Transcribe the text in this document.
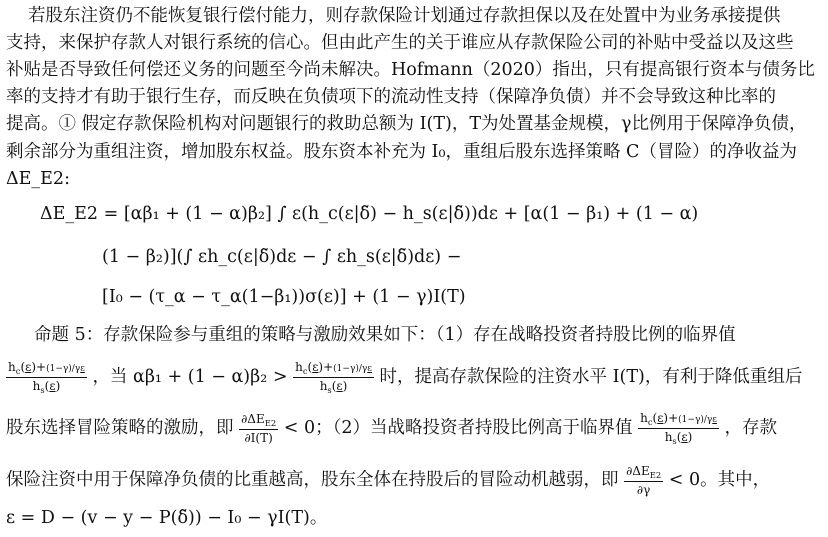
若股东注资仍不能恢复银行偿付能力，则存款保险计划通过存款担保以及在处置中为业务承接提供
支持，来保护存款人对银行系统的信心。但由此产生的关于谁应从存款保险公司的补贴中受益以及这些
补贴是否导致任何偿还义务的问题至今尚未解决。Hofmann（2020）指出，只有提高银行资本与债务比
率的支持才有助于银行生存，而反映在负债项下的流动性支持（保障净负债）并不会导致这种比率的
提高。① 假定存款保险机构对问题银行的救助总额为 I(T)，T为处置基金规模，γ比例用于保障净负债，
剩余部分为重组注资，增加股东权益。股东资本补充为 I₀，重组后股东选择策略 C（冒险）的净收益为
ΔE_E2:
ΔE_E2 = [αβ₁ + (1 − α)β₂] ∫ ε(h_c(ε|δ̃) − h_s(ε|δ̃))dε + [α(1 − β₁) + (1 − α)
(1 − β₂)](∫ εh_c(ε|δ̃)dε − ∫ εh_s(ε|δ̃)dε) −
[I₀ − (τ_α − τ_α(1−β₁))σ(ε)] + (1 − γ)I(T)
命题 5：存款保险参与重组的策略与激励效果如下：（1）存在战略投资者持股比例的临界值
$\frac{h_c(\varepsilon)+(1-\gamma)/\gamma\varepsilon}{h_s(\varepsilon)}$ ，当 $\alpha\beta_1 + (1 - \alpha)\beta_2 > \frac{h_c(\varepsilon)+(1-\gamma)/\gamma\varepsilon}{h_s(\varepsilon)}$ 时，提高存款保险的注资水平 I(T)，有利于降低重组后
股东选择冒险策略的激励，即 $\frac{\partial\Delta E_{E2}}{\partial I(T)} < 0$；（2）当战略投资者持股比例高于临界值 $\frac{h_c(\varepsilon)+(1-\gamma)/\gamma\varepsilon}{h_s(\varepsilon)}$ ，存款
保险注资中用于保障净负债的比重越高，股东全体在持股后的冒险动机越弱，即 $\frac{\partial\Delta E_{E2}}{\partial\gamma} < 0$。其中，
ε = D − (v − y − P(δ̃)) − I₀ − γI(T)。
